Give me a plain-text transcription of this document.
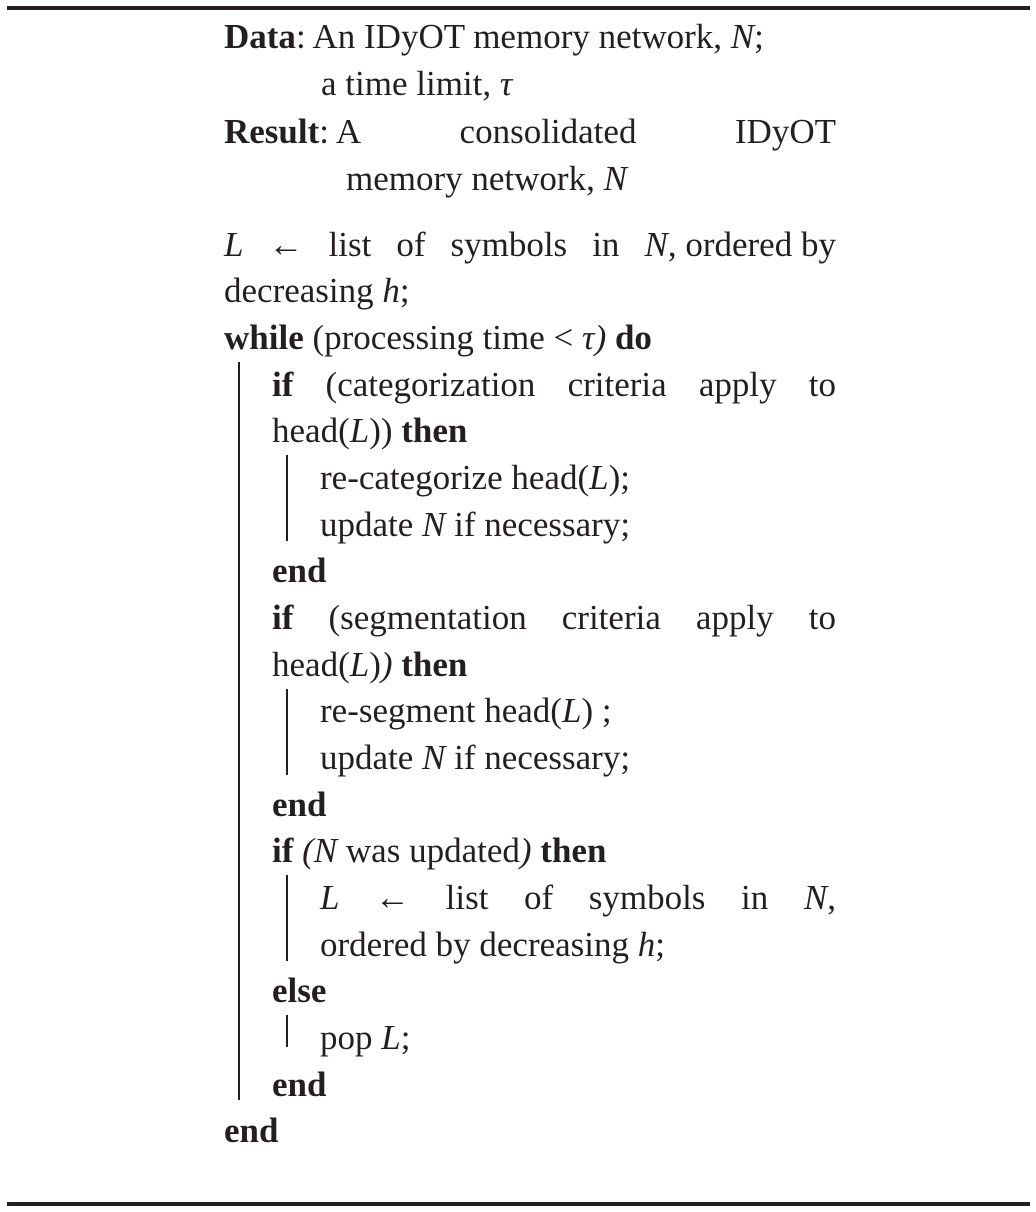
Data: An IDyOT memory network, N;
a time limit, τ
Result: A	consolidated	IDyOT
memory network, N
L ← list of symbols in N, ordered by
decreasing h;
while (processing time < τ) do
if (categorization criteria apply to
head(L)) then
re-categorize head(L);
update N if necessary;
end
if (segmentation criteria apply to
head(L)) then
re-segment head(L) ;
update N if necessary;
end
if (N was updated) then
L ← list of symbols in N,
ordered by decreasing h;
else
pop L;
end
end
